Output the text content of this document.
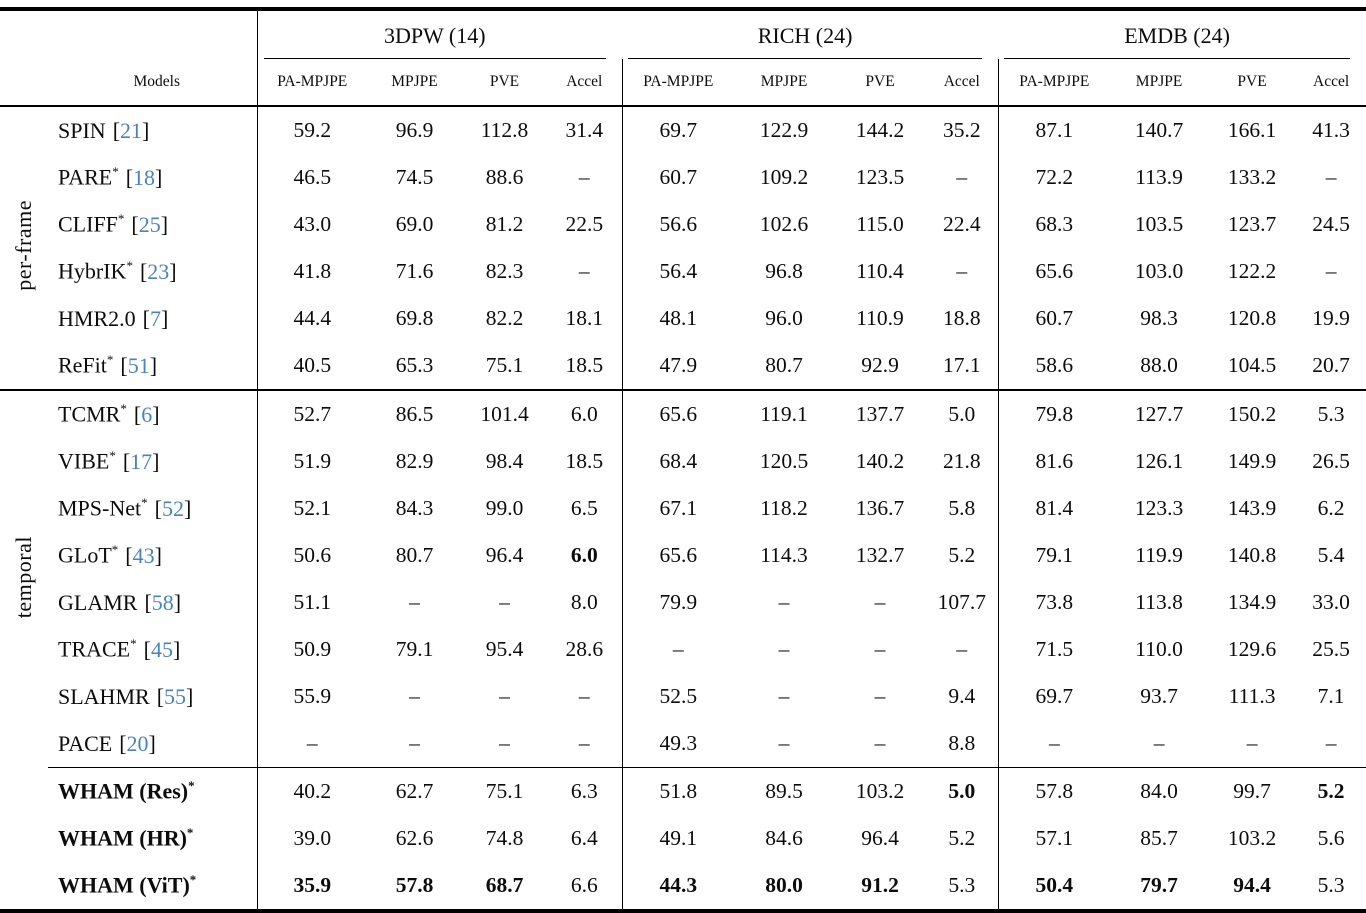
		3DPW (14)				RICH (24)				EMDB (24)			

Models		PA-MPJPE	MPJPE	PVE	Accel	PA-MPJPE	MPJPE	PVE	Accel	PA-MPJPE	MPJPE	PVE	Accel
per-frame	SPIN [21]	59.2	96.9	112.8	31.4	69.7	122.9	144.2	35.2	87.1	140.7	166.1	41.3
	PARE* [18]	46.5	74.5	88.6	–	60.7	109.2	123.5	–	72.2	113.9	133.2	–
	CLIFF* [25]	43.0	69.0	81.2	22.5	56.6	102.6	115.0	22.4	68.3	103.5	123.7	24.5
	HybrIK* [23]	41.8	71.6	82.3	–	56.4	96.8	110.4	–	65.6	103.0	122.2	–
	HMR2.0 [7]	44.4	69.8	82.2	18.1	48.1	96.0	110.9	18.8	60.7	98.3	120.8	19.9
	ReFit* [51]	40.5	65.3	75.1	18.5	47.9	80.7	92.9	17.1	58.6	88.0	104.5	20.7
temporal	TCMR* [6]	52.7	86.5	101.4	6.0	65.6	119.1	137.7	5.0	79.8	127.7	150.2	5.3
	VIBE* [17]	51.9	82.9	98.4	18.5	68.4	120.5	140.2	21.8	81.6	126.1	149.9	26.5
	MPS-Net* [52]	52.1	84.3	99.0	6.5	67.1	118.2	136.7	5.8	81.4	123.3	143.9	6.2
	GLoT* [43]	50.6	80.7	96.4	6.0	65.6	114.3	132.7	5.2	79.1	119.9	140.8	5.4
	GLAMR [58]	51.1	–	–	8.0	79.9	–	–	107.7	73.8	113.8	134.9	33.0
	TRACE* [45]	50.9	79.1	95.4	28.6	–	–	–	–	71.5	110.0	129.6	25.5
	SLAHMR [55]	55.9	–	–	–	52.5	–	–	9.4	69.7	93.7	111.3	7.1
	PACE [20]	–	–	–	–	49.3	–	–	8.8	–	–	–	–
	WHAM (Res)*	40.2	62.7	75.1	6.3	51.8	89.5	103.2	5.0	57.8	84.0	99.7	5.2
	WHAM (HR)*	39.0	62.6	74.8	6.4	49.1	84.6	96.4	5.2	57.1	85.7	103.2	5.6
	WHAM (ViT)*	35.9	57.8	68.7	6.6	44.3	80.0	91.2	5.3	50.4	79.7	94.4	5.3
